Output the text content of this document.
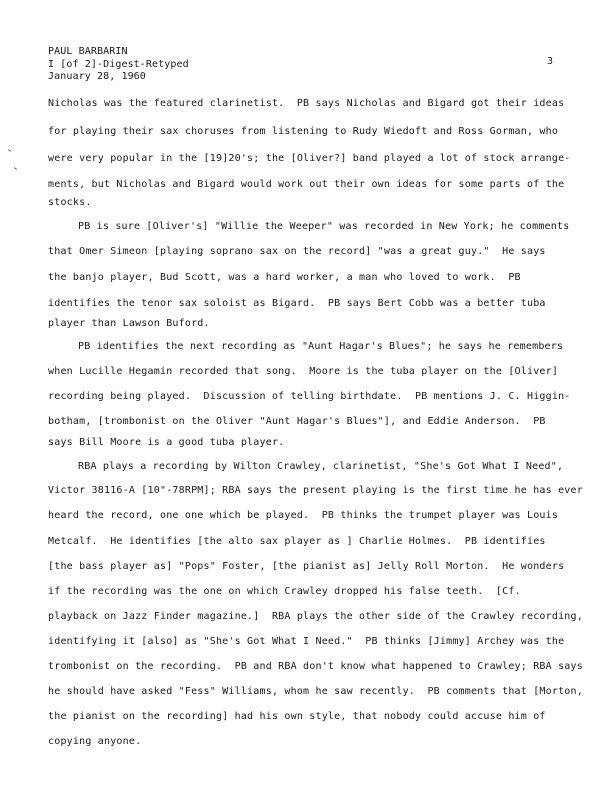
PAUL BARBARIN
I [of 2]-Digest-Retyped
January 28, 1960
3
Nicholas was the featured clarinetist.  PB says Nicholas and Bigard got their ideas
for playing their sax choruses from listening to Rudy Wiedoft and Ross Gorman, who
were very popular in the [19]20's; the [Oliver?] band played a lot of stock arrange-
ments, but Nicholas and Bigard would work out their own ideas for some parts of the
stocks.
PB is sure [Oliver's] "Willie the Weeper" was recorded in New York; he comments
that Omer Simeon [playing soprano sax on the record] "was a great guy."  He says
the banjo player, Bud Scott, was a hard worker, a man who loved to work.  PB
identifies the tenor sax soloist as Bigard.  PB says Bert Cobb was a better tuba
player than Lawson Buford.
PB identifies the next recording as "Aunt Hagar's Blues"; he says he remembers
when Lucille Hegamin recorded that song.  Moore is the tuba player on the [Oliver]
recording being played.  Discussion of telling birthdate.  PB mentions J. C. Higgin-
botham, [trombonist on the Oliver "Aunt Hagar's Blues"], and Eddie Anderson.  PB
says Bill Moore is a good tuba player.
RBA plays a recording by Wilton Crawley, clarinetist, "She's Got What I Need",
Victor 38116-A [10"-78RPM]; RBA says the present playing is the first time he has ever
heard the record, one one which be played.  PB thinks the trumpet player was Louis
Metcalf.  He identifies [the alto sax player as ] Charlie Holmes.  PB identifies
[the bass player as] "Pops" Foster, [the pianist as] Jelly Roll Morton.  He wonders
if the recording was the one on which Crawley dropped his false teeth.  [Cf.
playback on Jazz Finder magazine.]  RBA plays the other side of the Crawley recording,
identifying it [also] as "She's Got What I Need."  PB thinks [Jimmy] Archey was the
trombonist on the recording.  PB and RBA don't know what happened to Crawley; RBA says
he should have asked "Fess" Williams, whom he saw recently.  PB comments that [Morton,
the pianist on the recording] had his own style, that nobody could accuse him of
copying anyone.
